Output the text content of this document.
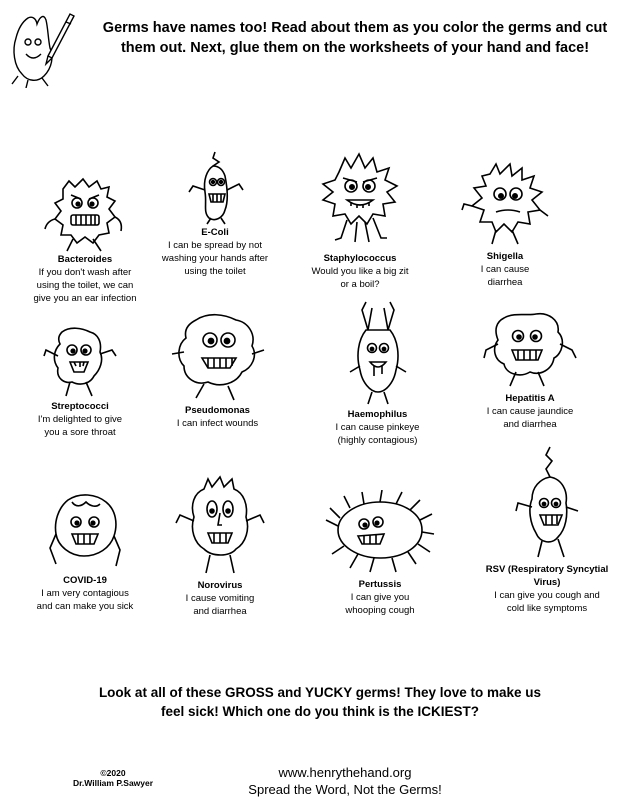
Germs have names too! Read about them as you color the germs and cut them out. Next, glue them on the worksheets of your hand and face!
Bacteroides
If you don't wash after
using the toilet, we can
give you an ear infection
E-Coli
I can be spread by not
washing your hands after
using the toilet
Staphylococcus
Would you like a big zit
or a boil?
Shigella
I can cause
diarrhea
Streptococci
I'm delighted to give
you a sore throat
Pseudomonas
I can infect wounds
Haemophilus
I can cause pinkeye
(highly contagious)
Hepatitis A
I can cause jaundice
and diarrhea
COVID-19
I am very contagious
and can make you sick
Norovirus
I cause vomiting
and diarrhea
Pertussis
I can give you
whooping cough
RSV (Respiratory Syncytial
Virus)
I can give you cough and
cold like symptoms
Look at all of these GROSS and YUCKY germs! They love to make us feel sick! Which one do you think is the ICKIEST?
©2020
Dr.William P.Sawyer
www.henrythehand.org
Spread the Word, Not the Germs!
